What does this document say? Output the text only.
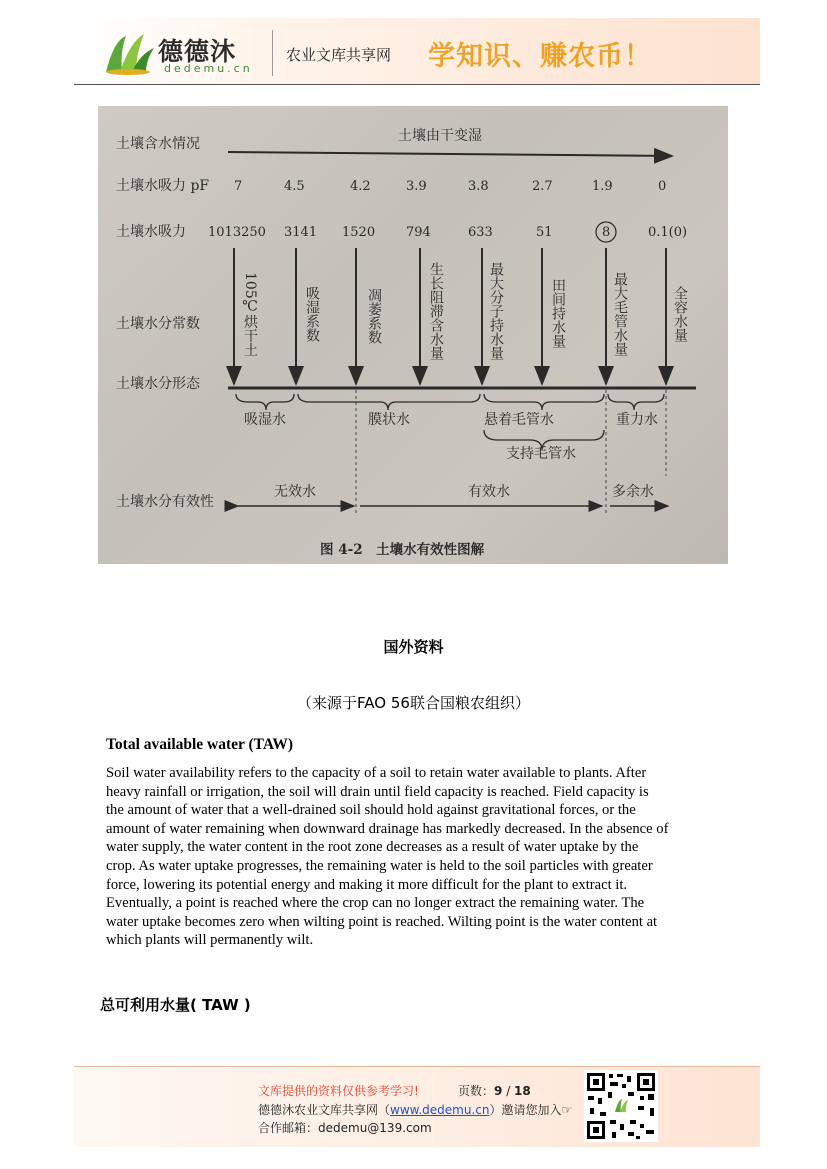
德德沐
dedemu.cn
农业文库共享网 学知识、赚农币！
土壤含水情况
土壤水吸力 pF
土壤水吸力
土壤水分常数
土壤水分形态
土壤水分有效性
土壤由干变湿
7	4.5	4.2	3.9	3.8	2.7	1.9	0
1013250 3141 1520 794	633	51	8	0.1(0)
105℃烘干土	吸湿系数	凋萎系数	生长阻滞含水量	最大分子持水量	田间持水量	最大毛管水量	全容水量
吸湿水	膜状水	悬着毛管水	重力水
支持毛管水
无效水	有效水	多余水
图 4-2　土壤水有效性图解
国外资料
（来源于FAO 56联合国粮农组织）
Total available water (TAW)
Soil water availability refers to the capacity of a soil to retain water available to plants. After
heavy rainfall or irrigation, the soil will drain until field capacity is reached. Field capacity is
the amount of water that a well-drained soil should hold against gravitational forces, or the
amount of water remaining when downward drainage has markedly decreased. In the absence of
water supply, the water content in the root zone decreases as a result of water uptake by the
crop. As water uptake progresses, the remaining water is held to the soil particles with greater
force, lowering its potential energy and making it more difficult for the plant to extract it.
Eventually, a point is reached where the crop can no longer extract the remaining water. The
water uptake becomes zero when wilting point is reached. Wilting point is the water content at
which plants will permanently wilt.
总可利用水量( TAW )
文库提供的资料仅供参考学习!	页数：9 / 18
德德沐农业文库共享网（www.dedemu.cn）邀请您加入☞
合作邮箱：dedemu@139.com
